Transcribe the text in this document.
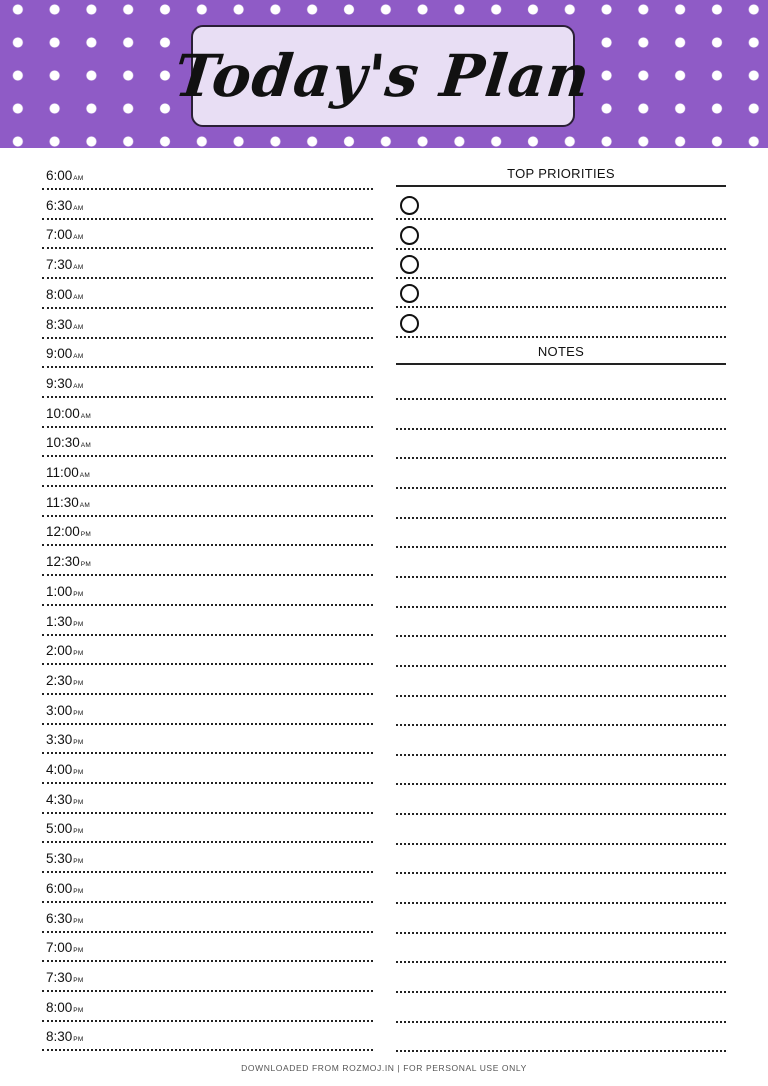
Today's Plan
6:00AM
6:30AM
7:00AM
7:30AM
8:00AM
8:30AM
9:00AM
9:30AM
10:00AM
10:30AM
11:00AM
11:30AM
12:00PM
12:30PM
1:00PM
1:30PM
2:00PM
2:30PM
3:00PM
3:30PM
4:00PM
4:30PM
5:00PM
5:30PM
6:00PM
6:30PM
7:00PM
7:30PM
8:00PM
8:30PM
TOP PRIORITIES
NOTES
DOWNLOADED FROM ROZMOJ.IN | FOR PERSONAL USE ONLY
